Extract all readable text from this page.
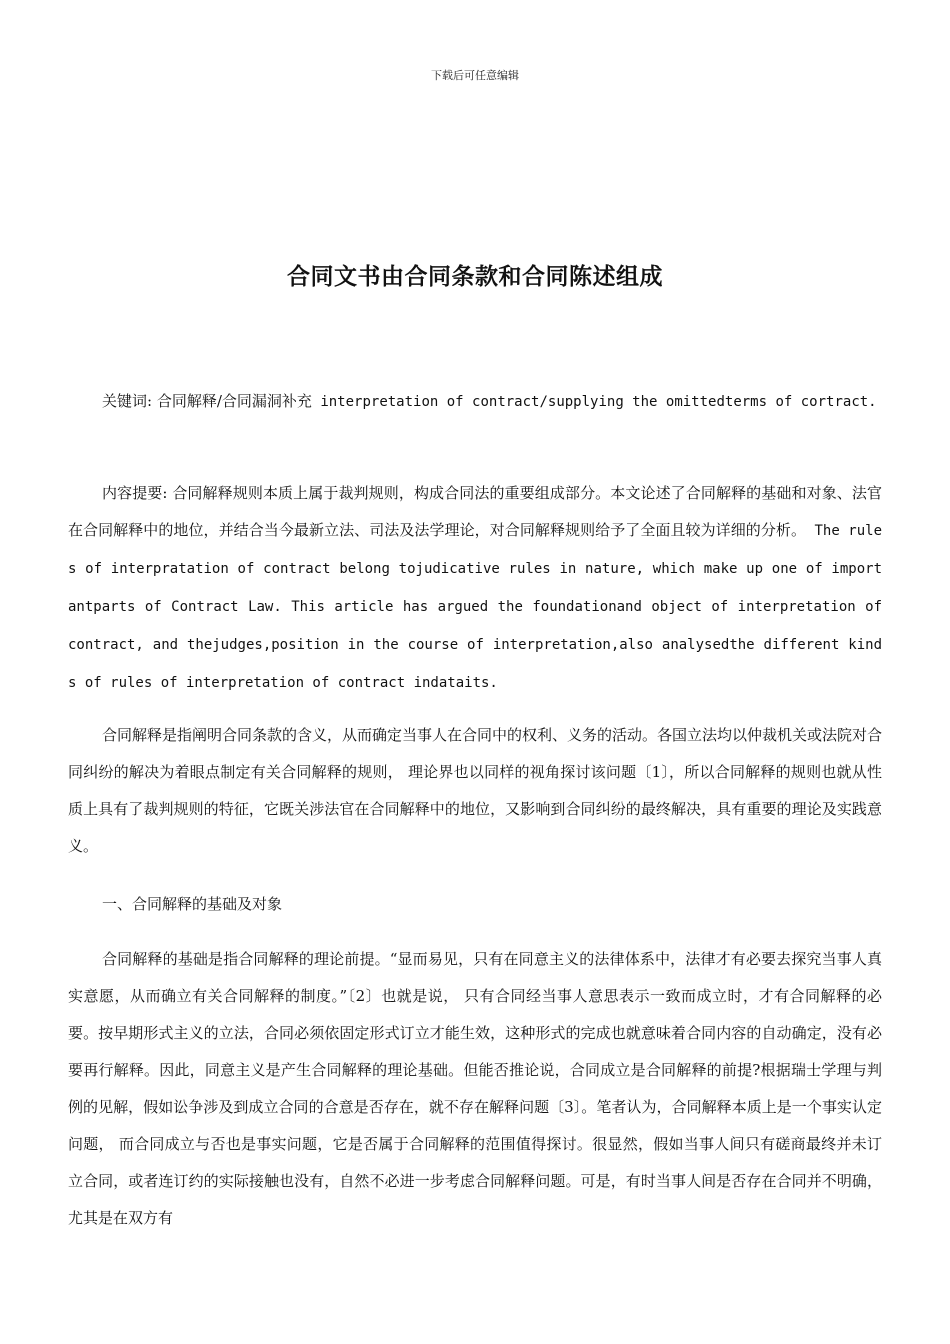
下载后可任意编辑
合同文书由合同条款和合同陈述组成

关键词: 合同解释/合同漏洞补充 interpretation of contract/supplying the omittedterms of cortract.

内容提要: 合同解释规则本质上属于裁判规则，构成合同法的重要组成部分。本文论述了合同解释的基础和对象、法官在合同解释中的地位，并结合当今最新立法、司法及法学理论，对合同解释规则给予了全面且较为详细的分析。 The rules of interpratation of contract belong tojudicative rules in nature, which make up one of importantparts of Contract Law. This article has argued the foundationand object of interpretation of contract, and thejudges,position in the course of interpretation,also analysedthe different kinds of rules of interpretation of contract indataits.

合同解释是指阐明合同条款的含义，从而确定当事人在合同中的权利、义务的活动。各国立法均以仲裁机关或法院对合同纠纷的解决为着眼点制定有关合同解释的规则， 理论界也以同样的视角探讨该问题〔1〕，所以合同解释的规则也就从性质上具有了裁判规则的特征，它既关涉法官在合同解释中的地位，又影响到合同纠纷的最终解决，具有重要的理论及实践意义。

一、合同解释的基础及对象

合同解释的基础是指合同解释的理论前提。“显而易见，只有在同意主义的法律体系中，法律才有必要去探究当事人真实意愿，从而确立有关合同解释的制度。”〔2〕也就是说， 只有合同经当事人意思表示一致而成立时，才有合同解释的必要。按早期形式主义的立法，合同必须依固定形式订立才能生效，这种形式的完成也就意味着合同内容的自动确定，没有必要再行解释。因此，同意主义是产生合同解释的理论基础。但能否推论说，合同成立是合同解释的前提?根据瑞士学理与判例的见解，假如讼争涉及到成立合同的合意是否存在，就不存在解释问题〔3〕。笔者认为，合同解释本质上是一个事实认定问题， 而合同成立与否也是事实问题，它是否属于合同解释的范围值得探讨。很显然，假如当事人间只有磋商最终并未订立合同，或者连订约的实际接触也没有，自然不必进一步考虑合同解释问题。可是，有时当事人间是否存在合同并不明确，尤其是在双方有
